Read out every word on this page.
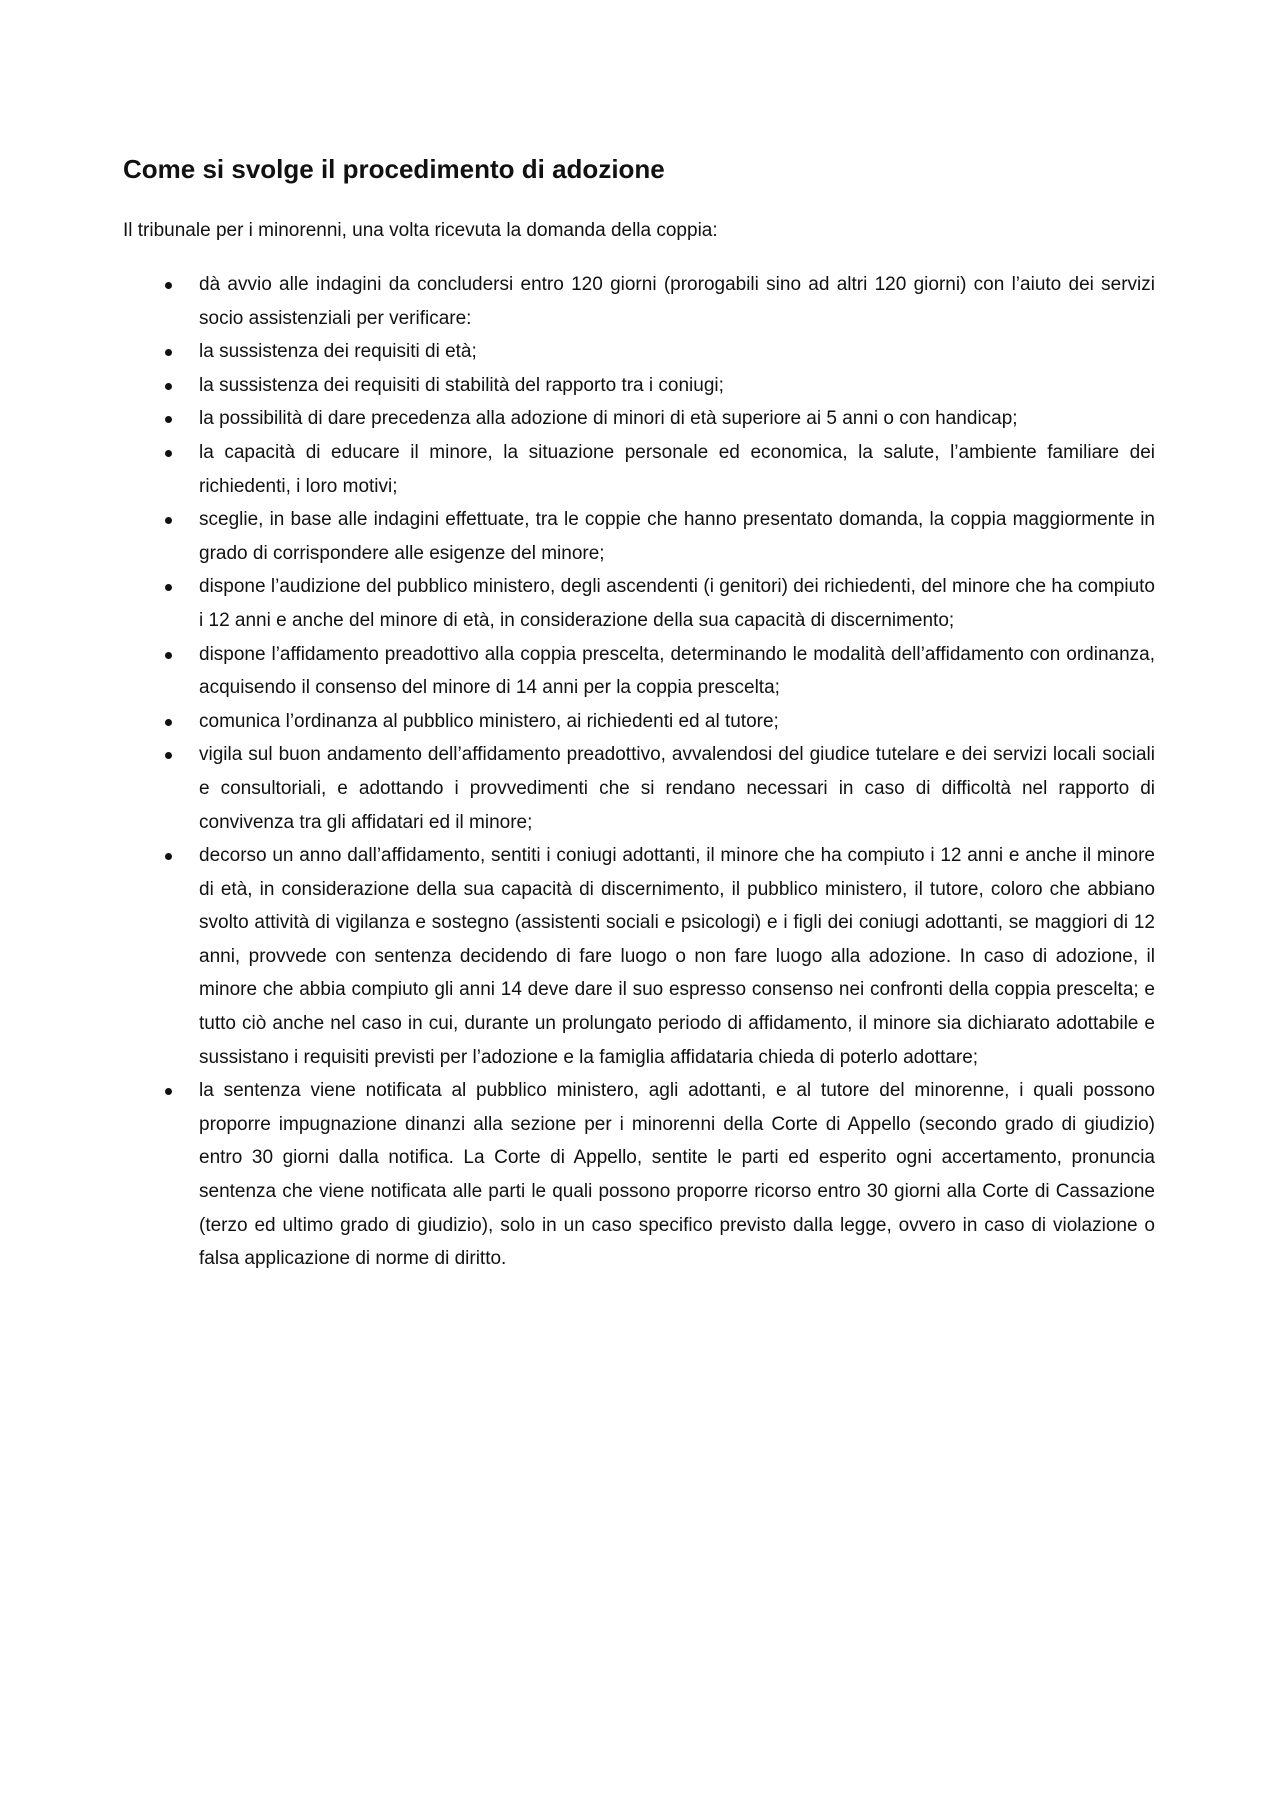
Come si svolge il procedimento di adozione

Il tribunale per i minorenni, una volta ricevuta la domanda della coppia:

dà avvio alle indagini da concludersi entro 120 giorni (prorogabili sino ad altri 120 giorni) con l’aiuto dei servizi socio assistenziali per verificare:
la sussistenza dei requisiti di età;
la sussistenza dei requisiti di stabilità del rapporto tra i coniugi;
la possibilità di dare precedenza alla adozione di minori di età superiore ai 5 anni o con handicap;
la capacità di educare il minore, la situazione personale ed economica, la salute, l’ambiente familiare dei richiedenti, i loro motivi;
sceglie, in base alle indagini effettuate, tra le coppie che hanno presentato domanda, la coppia maggiormente in grado di corrispondere alle esigenze del minore;
dispone l’audizione del pubblico ministero, degli ascendenti (i genitori) dei richiedenti, del minore che ha compiuto i 12 anni e anche del minore di età, in considerazione della sua capacità di discernimento;
dispone l’affidamento preadottivo alla coppia prescelta, determinando le modalità dell’affidamento con ordinanza, acquisendo il consenso del minore di 14 anni per la coppia prescelta;
comunica l’ordinanza al pubblico ministero, ai richiedenti ed al tutore;
vigila sul buon andamento dell’affidamento preadottivo, avvalendosi del giudice tutelare e dei servizi locali sociali e consultoriali, e adottando i provvedimenti che si rendano necessari in caso di difficoltà nel rapporto di convivenza tra gli affidatari ed il minore;
decorso un anno dall’affidamento, sentiti i coniugi adottanti, il minore che ha compiuto i 12 anni e anche il minore di età, in considerazione della sua capacità di discernimento, il pubblico ministero, il tutore, coloro che abbiano svolto attività di vigilanza e sostegno (assistenti sociali e psicologi) e i figli dei coniugi adottanti, se maggiori di 12 anni, provvede con sentenza decidendo di fare luogo o non fare luogo alla adozione. In caso di adozione, il minore che abbia compiuto gli anni 14 deve dare il suo espresso consenso nei confronti della coppia prescelta; e tutto ciò anche nel caso in cui, durante un prolungato periodo di affidamento, il minore sia dichiarato adottabile e sussistano i requisiti previsti per l’adozione e la famiglia affidataria chieda di poterlo adottare;
la sentenza viene notificata al pubblico ministero, agli adottanti, e al tutore del minorenne, i quali possono proporre impugnazione dinanzi alla sezione per i minorenni della Corte di Appello (secondo grado di giudizio) entro 30 giorni dalla notifica. La Corte di Appello, sentite le parti ed esperito ogni accertamento, pronuncia sentenza che viene notificata alle parti le quali possono proporre ricorso entro 30 giorni alla Corte di Cassazione (terzo ed ultimo grado di giudizio), solo in un caso specifico previsto dalla legge, ovvero in caso di violazione o falsa applicazione di norme di diritto.
